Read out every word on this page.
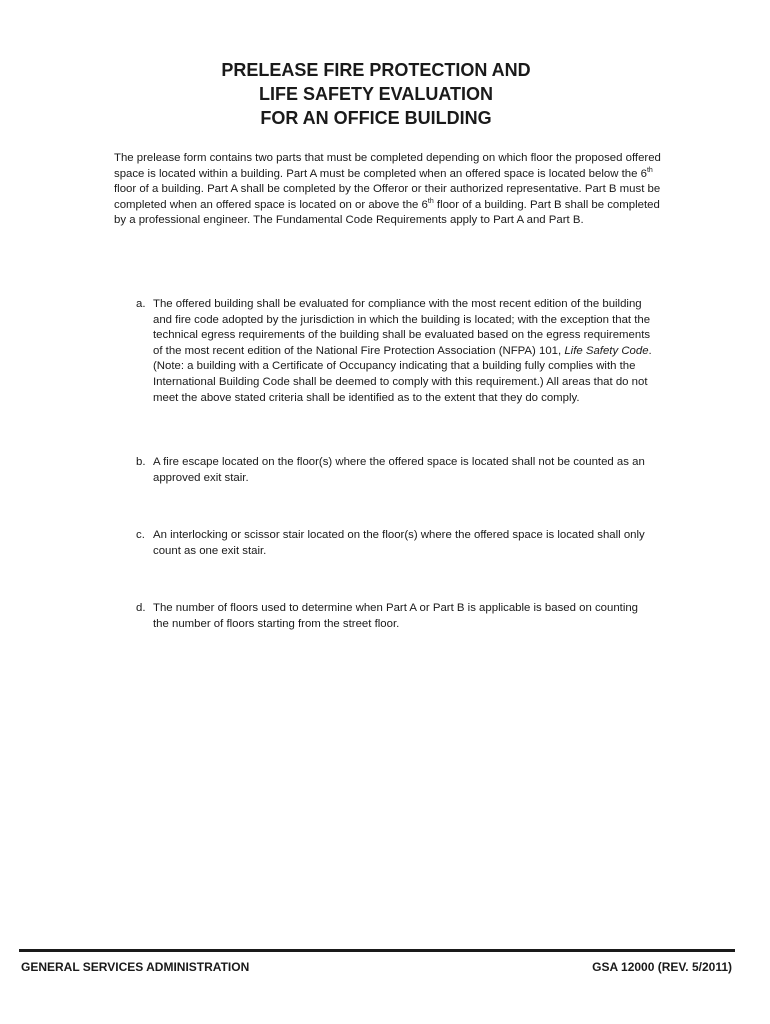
PRELEASE FIRE PROTECTION AND
LIFE SAFETY EVALUATION
FOR AN OFFICE BUILDING

The prelease form contains two parts that must be completed depending on which floor the proposed offered space is located within a building. Part A must be completed when an offered space is located below the 6th floor of a building. Part A shall be completed by the Offeror or their authorized representative. Part B must be completed when an offered space is located on or above the 6th floor of a building. Part B shall be completed by a professional engineer. The Fundamental Code Requirements apply to Part A and Part B.

a. The offered building shall be evaluated for compliance with the most recent edition of the building and fire code adopted by the jurisdiction in which the building is located; with the exception that the technical egress requirements of the building shall be evaluated based on the egress requirements of the most recent edition of the National Fire Protection Association (NFPA) 101, Life Safety Code. (Note: a building with a Certificate of Occupancy indicating that a building fully complies with the International Building Code shall be deemed to comply with this requirement.) All areas that do not meet the above stated criteria shall be identified as to the extent that they do comply.
b. A fire escape located on the floor(s) where the offered space is located shall not be counted as an approved exit stair.
c. An interlocking or scissor stair located on the floor(s) where the offered space is located shall only count as one exit stair.
d. The number of floors used to determine when Part A or Part B is applicable is based on counting the number of floors starting from the street floor.
GENERAL SERVICES ADMINISTRATION	GSA 12000 (REV. 5/2011)
